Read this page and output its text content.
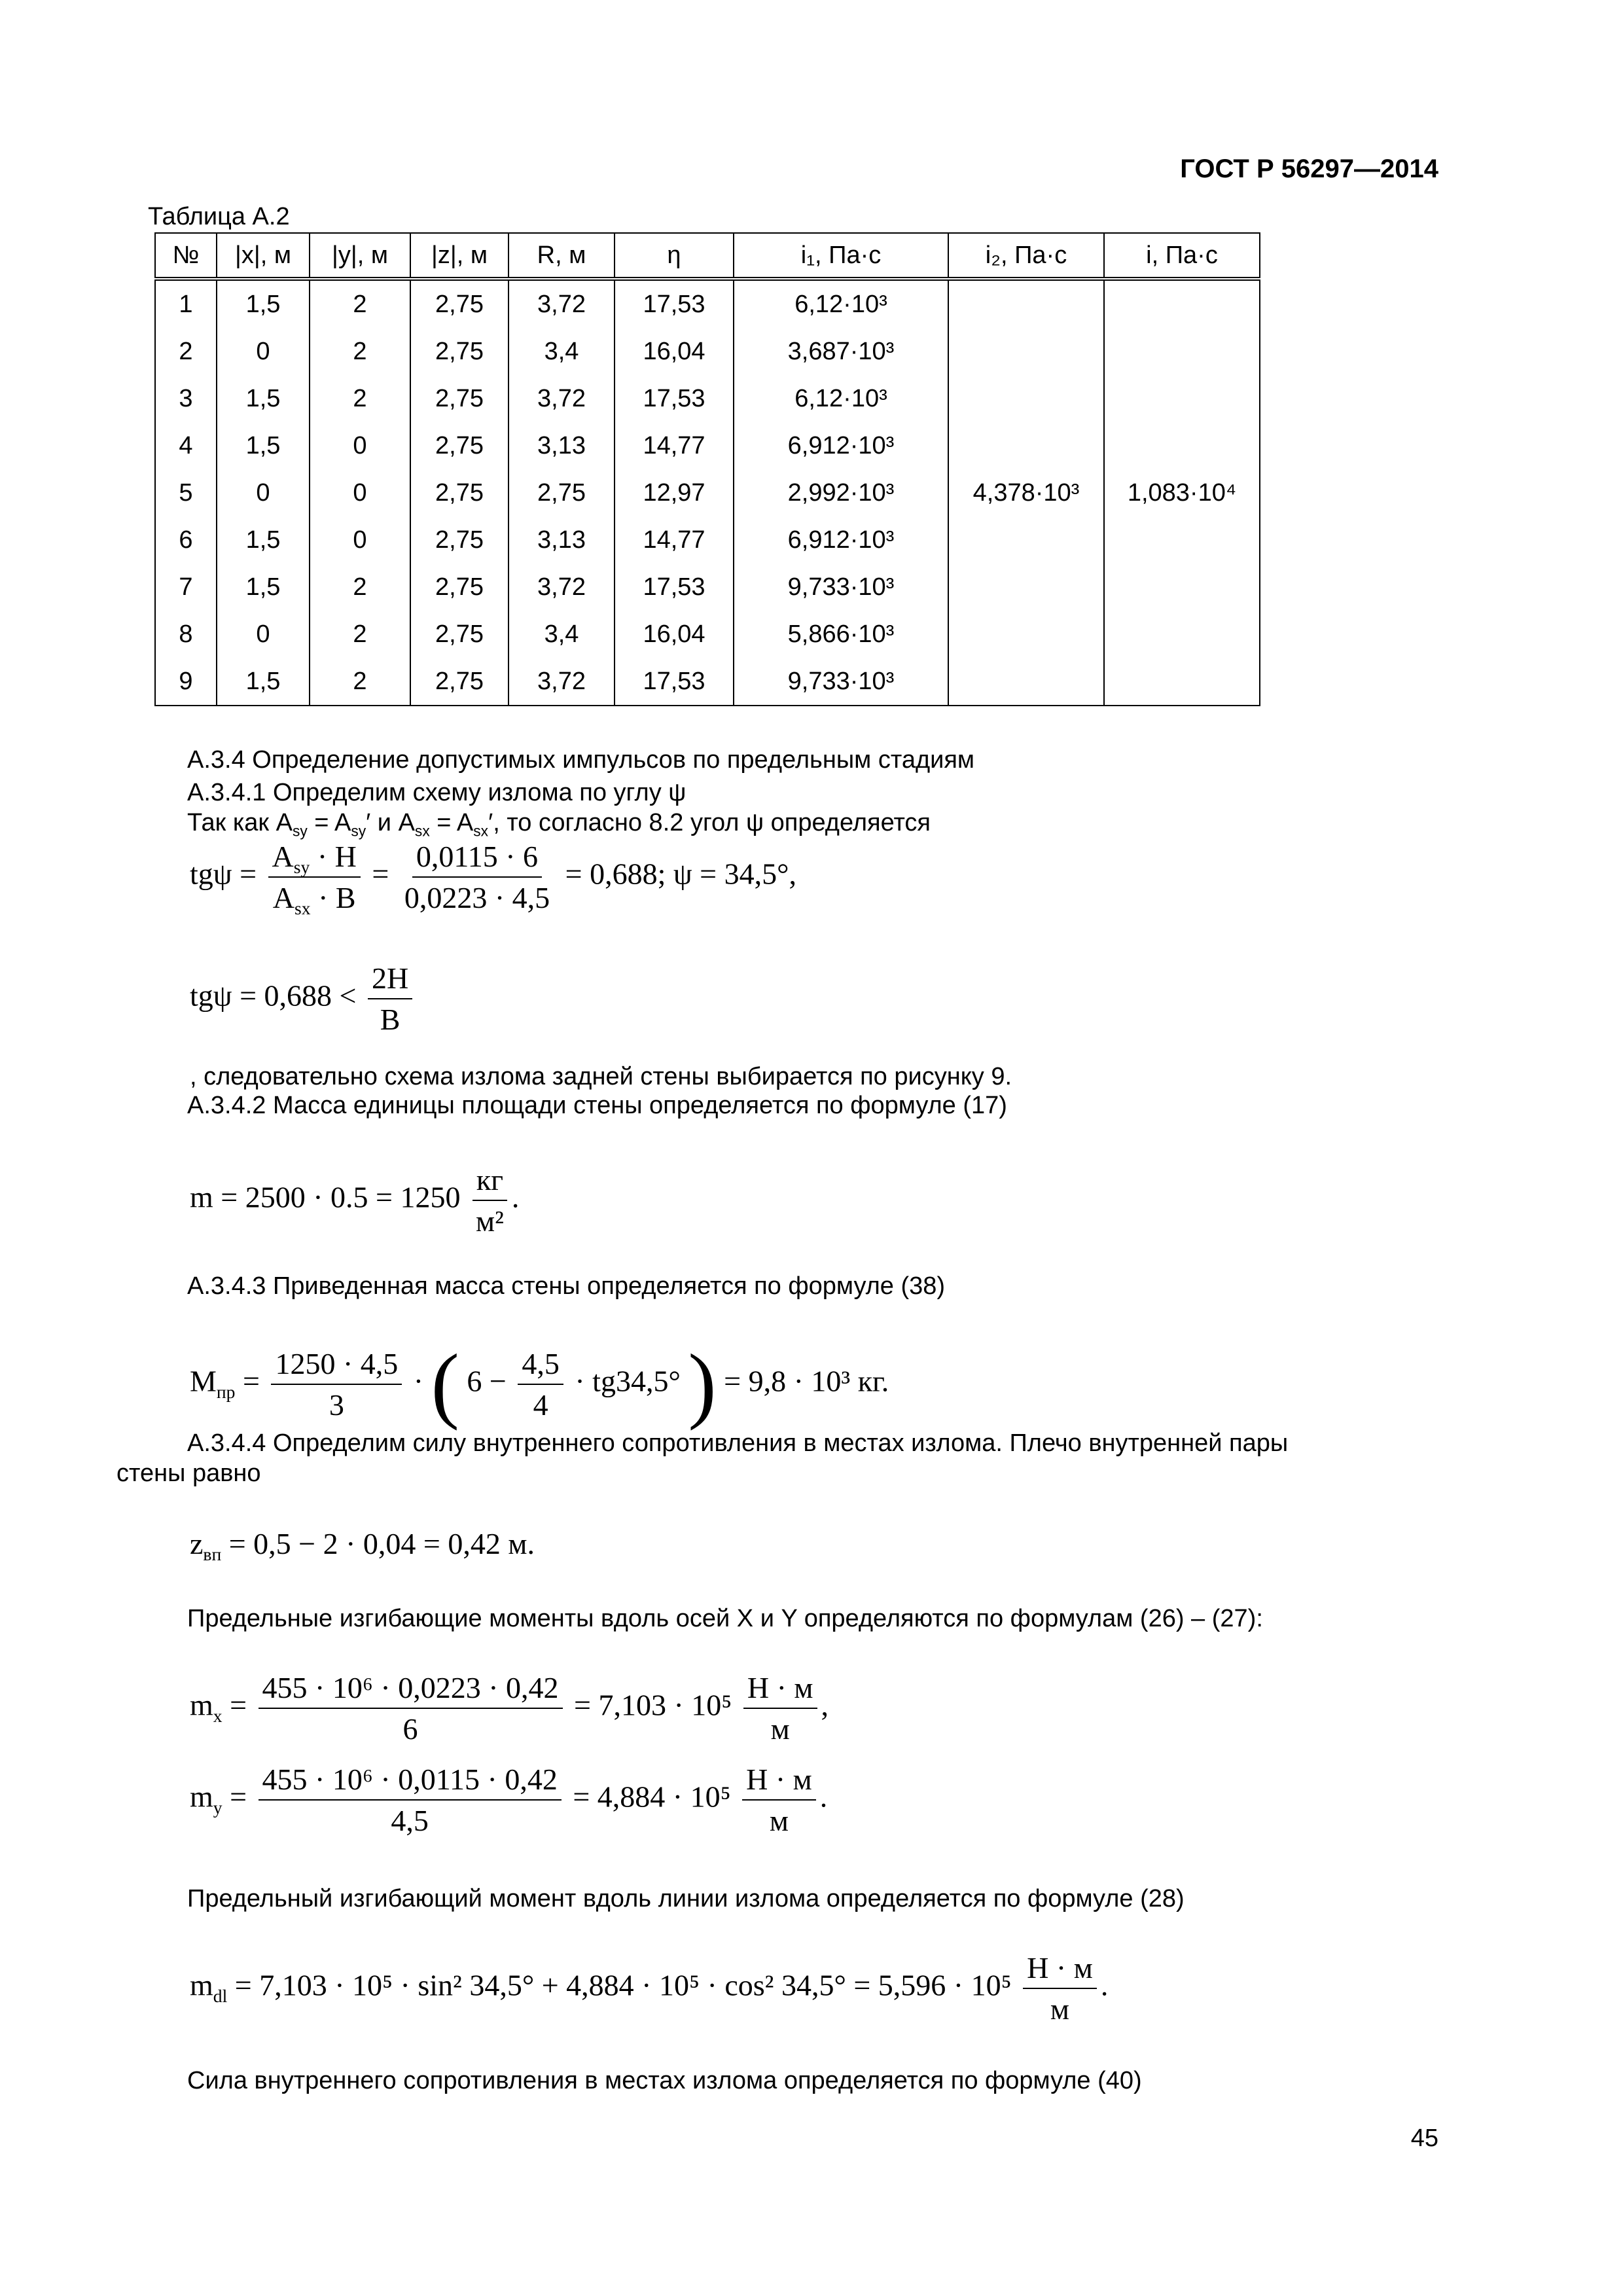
ГОСТ Р 56297—2014
Таблица А.2
№	|x|, м	|y|, м	|z|, м	R, м	η	i₁, Па·с	i₂, Па·с	i, Па·с
1	1,5	2	2,75	3,72	17,53	6,12·10³	4,378·10³	1,083·10⁴
2	0	2	2,75	3,4	16,04	3,687·10³		
3	1,5	2	2,75	3,72	17,53	6,12·10³		
4	1,5	0	2,75	3,13	14,77	6,912·10³		
5	0	0	2,75	2,75	12,97	2,992·10³		
6	1,5	0	2,75	3,13	14,77	6,912·10³		
7	1,5	2	2,75	3,72	17,53	9,733·10³		
8	0	2	2,75	3,4	16,04	5,866·10³		
9	1,5	2	2,75	3,72	17,53	9,733·10³		
А.3.4 Определение допустимых импульсов по предельным стадиям
А.3.4.1 Определим схему излома по углу ψ
Так как $A_{sy} = A_{sy}'$ и $A_{sx} = A_{sx}'$, то согласно 8.2 угол ψ определяется
$tg\psi = \frac{A_{sy} \cdot H}{A_{sx} \cdot B} = \frac{0,0115 \cdot 6}{0,0223 \cdot 4,5} = 0,688$; ψ = 34,5°,
$tg\psi = 0,688 < \frac{2H}{B}$
, следовательно схема излома задней стены выбирается по рисунку 9.
А.3.4.2 Масса единицы площади стены определяется по формуле (17)
$m = 2500 \cdot 0.5 = 1250 \frac{кг}{\text{м²}}$ .
А.3.4.3 Приведенная масса стены определяется по формуле (38)
$M_{пр} = \frac{1250 \cdot 4,5}{3}$ · ( $6 - \frac{4,5}{4} \cdot tg34,5^\circ$ ) = 9,8 · 10³ кг.
А.3.4.4 Определим силу внутреннего сопротивления в местах излома. Плечо внутренней пары
стены равно
$z_{вп} = 0,5 - 2 \cdot 0,04 = 0,42$ м.
Предельные изгибающие моменты вдоль осей X и Y определяются по формулам (26) – (27):
$m_x = \frac{\text{455 · 10⁶ · 0,0223 · 0,42}}{6} = 7,103 \cdot 10^5 \frac{Н \cdot м}{м}$ ,
$m_y = \frac{\text{455 · 10⁶ · 0,0115 · 0,42}}{4,5} = 4,884 \cdot 10^5 \frac{Н \cdot м}{м}$ .
Предельный изгибающий момент вдоль линии излома определяется по формуле (28)
$m_{dl} = 7,103 \cdot 10^5 \cdot \sin^2$ 34,5° + 4,884 · 10⁵ · cos² $34,5^\circ = 5,596 \cdot 10^5 \frac{Н \cdot м}{м}$ .
Сила внутреннего сопротивления в местах излома определяется по формуле (40)
45
